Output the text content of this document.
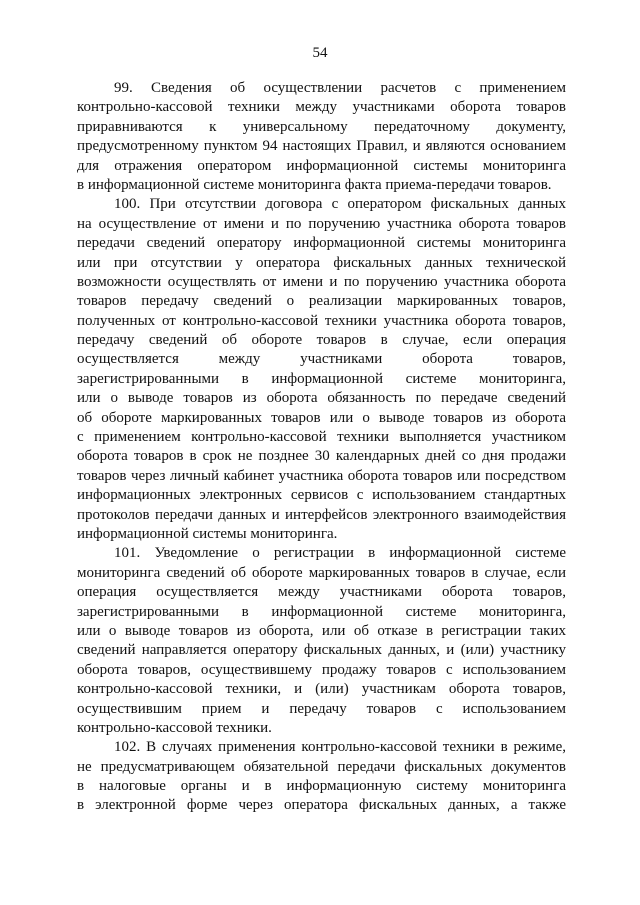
54

99. Сведения об осуществлении расчетов с применением
контрольно-кассовой техники между участниками оборота товаров
приравниваются к универсальному передаточному документу,
предусмотренному пунктом 94 настоящих Правил, и являются основанием
для отражения оператором информационной системы мониторинга
в информационной системе мониторинга факта приема-передачи товаров.

100. При отсутствии договора с оператором фискальных данных
на осуществление от имени и по поручению участника оборота товаров
передачи сведений оператору информационной системы мониторинга
или при отсутствии у оператора фискальных данных технической
возможности осуществлять от имени и по поручению участника оборота
товаров передачу сведений о реализации маркированных товаров,
полученных от контрольно-кассовой техники участника оборота товаров,
передачу сведений об обороте товаров в случае, если операция
осуществляется между участниками оборота товаров,
зарегистрированными в информационной системе мониторинга,
или о выводе товаров из оборота обязанность по передаче сведений
об обороте маркированных товаров или о выводе товаров из оборота
с применением контрольно-кассовой техники выполняется участником
оборота товаров в срок не позднее 30 календарных дней со дня продажи
товаров через личный кабинет участника оборота товаров или посредством
информационных электронных сервисов с использованием стандартных
протоколов передачи данных и интерфейсов электронного взаимодействия
информационной системы мониторинга.

101. Уведомление о регистрации в информационной системе
мониторинга сведений об обороте маркированных товаров в случае, если
операция осуществляется между участниками оборота товаров,
зарегистрированными в информационной системе мониторинга,
или о выводе товаров из оборота, или об отказе в регистрации таких
сведений направляется оператору фискальных данных, и (или) участнику
оборота товаров, осуществившему продажу товаров с использованием
контрольно-кассовой техники, и (или) участникам оборота товаров,
осуществившим прием и передачу товаров с использованием
контрольно-кассовой техники.

102. В случаях применения контрольно-кассовой техники в режиме,
не предусматривающем обязательной передачи фискальных документов
в налоговые органы и в информационную систему мониторинга
в электронной форме через оператора фискальных данных, а также
